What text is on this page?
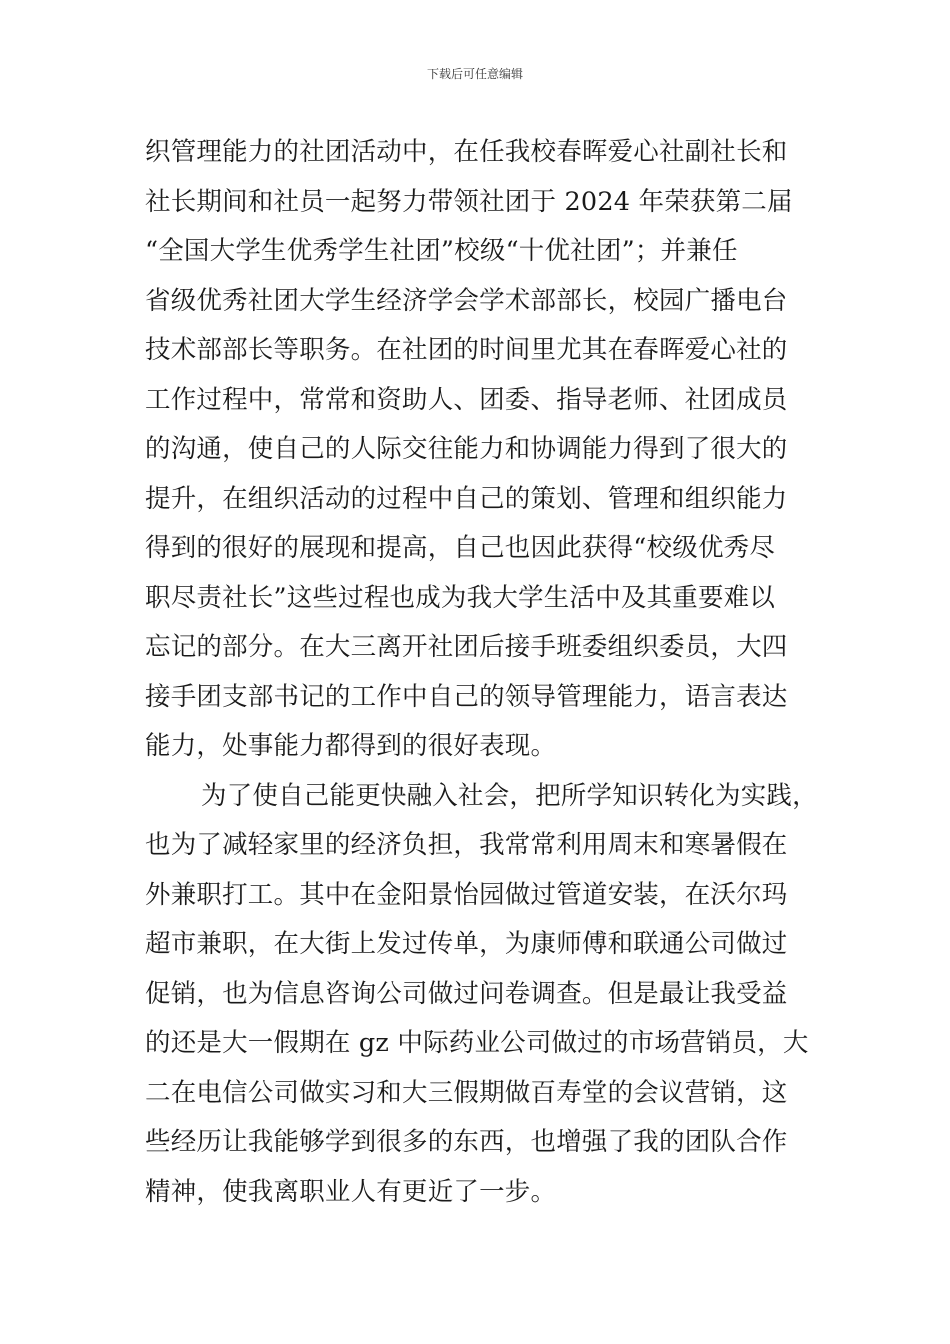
下载后可任意编辑
织管理能力的社团活动中，在任我校春晖爱心社副社长和
社长期间和社员一起努力带领社团于 2024 年荣获第二届
“全国大学生优秀学生社团”校级“十优社团”；并兼任
省级优秀社团大学生经济学会学术部部长，校园广播电台
技术部部长等职务。在社团的时间里尤其在春晖爱心社的
工作过程中，常常和资助人、团委、指导老师、社团成员
的沟通，使自己的人际交往能力和协调能力得到了很大的
提升，在组织活动的过程中自己的策划、管理和组织能力
得到的很好的展现和提高，自己也因此获得“校级优秀尽
职尽责社长”这些过程也成为我大学生活中及其重要难以
忘记的部分。在大三离开社团后接手班委组织委员，大四
接手团支部书记的工作中自己的领导管理能力，语言表达
能力，处事能力都得到的很好表现。
为了使自己能更快融入社会，把所学知识转化为实践，
也为了减轻家里的经济负担，我常常利用周末和寒暑假在
外兼职打工。其中在金阳景怡园做过管道安装，在沃尔玛
超市兼职，在大街上发过传单，为康师傅和联通公司做过
促销，也为信息咨询公司做过问卷调查。但是最让我受益
的还是大一假期在 gz 中际药业公司做过的市场营销员，大
二在电信公司做实习和大三假期做百寿堂的会议营销，这
些经历让我能够学到很多的东西，也增强了我的团队合作
精神，使我离职业人有更近了一步。
